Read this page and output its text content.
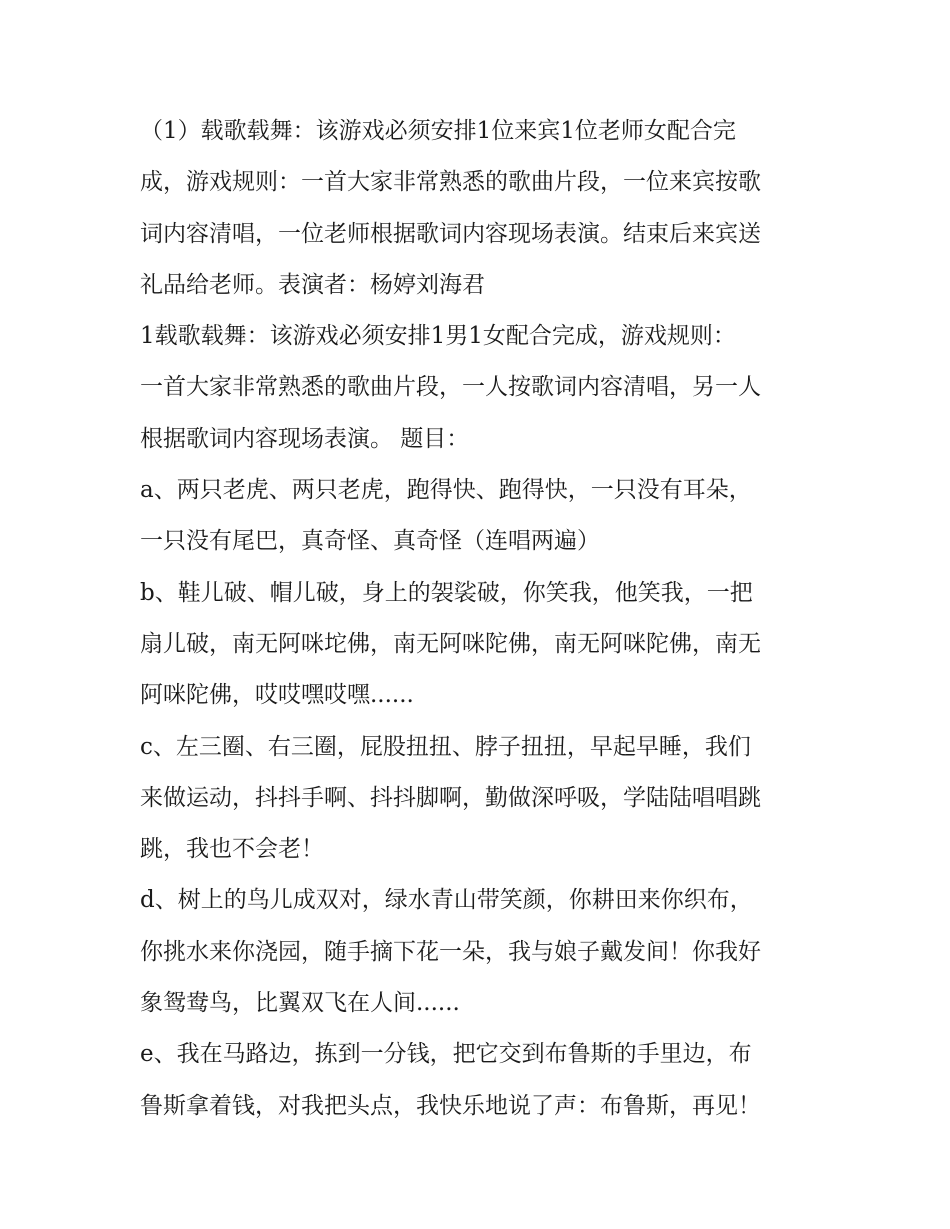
（1）载歌载舞：该游戏必须安排1位来宾1位老师女配合完
成，游戏规则：一首大家非常熟悉的歌曲片段，一位来宾按歌
词内容清唱，一位老师根据歌词内容现场表演。结束后来宾送
礼品给老师。表演者：杨婷刘海君
1载歌载舞：该游戏必须安排1男1女配合完成，游戏规则：
一首大家非常熟悉的歌曲片段，一人按歌词内容清唱，另一人
根据歌词内容现场表演。 题目：
a、两只老虎、两只老虎，跑得快、跑得快，一只没有耳朵，
一只没有尾巴，真奇怪、真奇怪（连唱两遍）
b、鞋儿破、帽儿破，身上的袈裟破，你笑我，他笑我，一把
扇儿破，南无阿咪坨佛，南无阿咪陀佛，南无阿咪陀佛，南无
阿咪陀佛，哎哎嘿哎嘿......
c、左三圈、右三圈，屁股扭扭、脖子扭扭，早起早睡，我们
来做运动，抖抖手啊、抖抖脚啊，勤做深呼吸，学陆陆唱唱跳
跳，我也不会老！
d、树上的鸟儿成双对，绿水青山带笑颜，你耕田来你织布，
你挑水来你浇园，随手摘下花一朵，我与娘子戴发间！你我好
象鸳鸯鸟，比翼双飞在人间......
e、我在马路边，拣到一分钱，把它交到布鲁斯的手里边，布
鲁斯拿着钱，对我把头点，我快乐地说了声：布鲁斯，再见！
